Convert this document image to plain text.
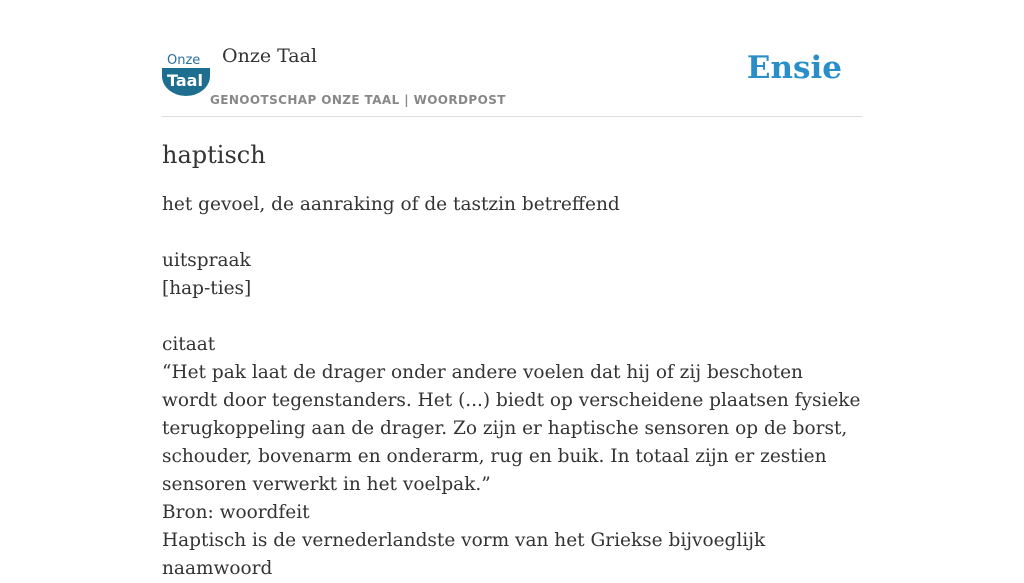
Onze
Taal
Onze Taal
GENOOTSCHAP ONZE TAAL | WOORDPOST
Ensie
haptisch

het gevoel, de aanraking of de tastzin betreffend

uitspraak

[hap-ties]

citaat

“Het pak laat de drager onder andere voelen dat hij of zij beschoten wordt door tegenstanders. Het (...) biedt op verscheidene plaatsen fysieke terugkoppeling aan de drager. Zo zijn er haptische sensoren op de borst, schouder, bovenarm en onderarm, rug en buik. In totaal zijn er zestien sensoren verwerkt in het voelpak.”

Bron: woordfeit

Haptisch is de vernederlandste vorm van het Griekse bijvoeglijk naamwoord
